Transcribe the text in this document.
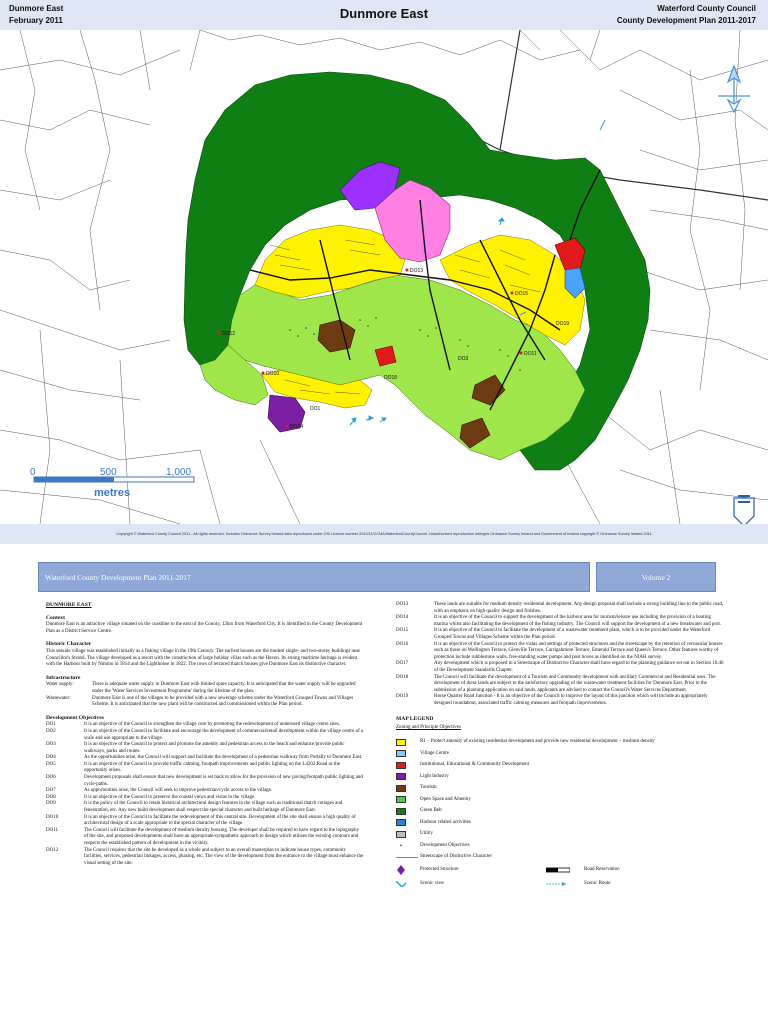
Dunmore East
February 2011	Dunmore East	Waterford County Council
County Development Plan 2011-2017
0	500	1,000
metres
DO13
DO15
DO11
DO12
DO10
DO14
DO1
DO18
DO3
DO19
Copyright © Waterford County Council 2011 - All rights reserved. Includes Ordnance Survey Ireland data reproduced under OSi Licence number 2010/11/CCMA/WaterfordCountyCouncil. Unauthorised reproduction infringes Ordnance Survey Ireland and Government of Ireland copyright © Ordnance Survey Ireland 2011
Waterford County Development Plan 2011-2017	Volume 2
DUNMORE EAST
Context
Dunmore East is an attractive village situated on the coastline to the east of the County, 12km from Waterford City. It is identified in the County Development Plan as a District Service Centre.
Historic Character
This seaside village was established initially as a fishing village in the 19th Century. The earliest houses are the modest single- and two-storey buildings near Councillor's Strand. The village developed as a resort with the construction of large holiday villas such as the Haven. Its strong maritime heritage is evident with the Harbour built by Nimmo in 1814 and the Lighthouse in 1822. The rows of terraced thatch houses give Dunmore East its distinctive character.
Infrastructure
Water supply:	There is adequate water supply in Dunmore East with limited spare capacity. It is anticipated that the water supply will be upgraded under the 'Water Services Investment Programme' during the lifetime of the plan.
Wastewater:	Dunmore East is one of the villages to be provided with a new sewerage scheme under the Waterford Grouped Towns and Villages Scheme. It is anticipated that the new plant will be constructed and commissioned within the Plan period.
Development Objectives
DO1	It is an objective of the Council to strengthen the village core by promoting the redevelopment of underused village centre sites.
DO2	It is an objective of the Council to facilitate and encourage the development of commercial/retail development within the village centre of a scale and use appropriate to the village.
DO3	It is an objective of the Council to protect and promote the amenity and pedestrian access to the beach and enhance/provide public walkways, parks and routes.
DO4	As the opportunities arise, the Council will support and facilitate the development of a pedestrian walkway from Portally to Dunmore East.
DO5	It is an objective of the Council to provide traffic calming, footpath improvements and public lighting on the L4202 Road as the opportunity arises.
DO6	Development proposals shall ensure that new development is set back to allow for the provision of new paving/footpath public lighting and cycle-paths.
DO7	As opportunities arise, the Council will seek to improve pedestrian/cycle access to the village.
DO8	It is an objective of the Council to preserve the coastal views and vistas in the village.
DO9	It is the policy of the Council to retain historical architectural design features in the village such as traditional thatch cottages and fenestration, etc. Any new build development shall respect the special character and built heritage of Dunmore East.
DO10	It is an objective of the Council to facilitate the redevelopment of this central site. Development of the site shall ensure a high quality of architectural design of a scale appropriate to the special character of the village.
DO11	The Council will facilitate the development of medium density housing. The developer shall be required to have regard to the topography of the site, and proposed developments shall have an appropriate/sympathetic approach to design which utilises the existing contours and respects the established pattern of development in the vicinity.
DO12	The Council requires that the site be developed as a whole and subject to an overall masterplan to indicate house types, community facilities, services, pedestrian linkages, access, phasing, etc. The view of the development from the entrance to the village must enhance the visual setting of the site.
DO13	These lands are suitable for medium density residential development. Any design proposal shall include a strong building line to the public road, with an emphasis on high quality design and finishes.
DO14	It is an objective of the Council to support the development of the harbour area for tourism/leisure use including the provision of a boating marina whilst also facilitating the development of the fishing industry. The Council will support the development of a new breakwater and port.
DO15	It is an objective of the Council to facilitate the development of a wastewater treatment plant, which is to be provided under the Waterford Grouped Towns and Villages Scheme within the Plan period.
DO16	It is an objective of the Council to protect the vistas and settings of protected structures and the streetscape by the retention of vernacular houses such as those on Wellington Terrace, Glenville Terrace, Carrigahmore Terrace, Emerald Terrace and Queen's Terrace. Other features worthy of protection include rubblestone walls, free-standing water pumps and post boxes as identified on the NIAH survey.
DO17	Any development which is proposed in a Streetscape of Distinctive Character shall have regard to the planning guidance set out in Section 10.46 of the Development Standards Chapter.
DO18	The Council will facilitate the development of a Tourism and Community development with ancillary Commercial and Residential uses. The development of these lands are subject to the satisfactory upgrading of the wastewater treatment facilities for Dunmore East. Prior to the submission of a planning application on said lands, applicants are advised to contact the Council's Water Services Department.
DO19	Horse Quarter Road Junction - It is an objective of the Council to improve the layout of this junction which will include an appropriately designed roundabout, associated traffic calming measures and footpath improvements.
MAP LEGEND
Zoning and Principle Objectives
R1 – Protect amenity of existing residential development and provide new residential development – medium density
Village Centre
Institutional, Educational & Community Development
Light Industry
Tourism
Open Space and Amenity
Green Belt
Harbour related activities
Utility
•	Development Objectives
Streetscape of Distinctive Character
Protected Structure	Road Reservation
Scenic view	Scenic Route
